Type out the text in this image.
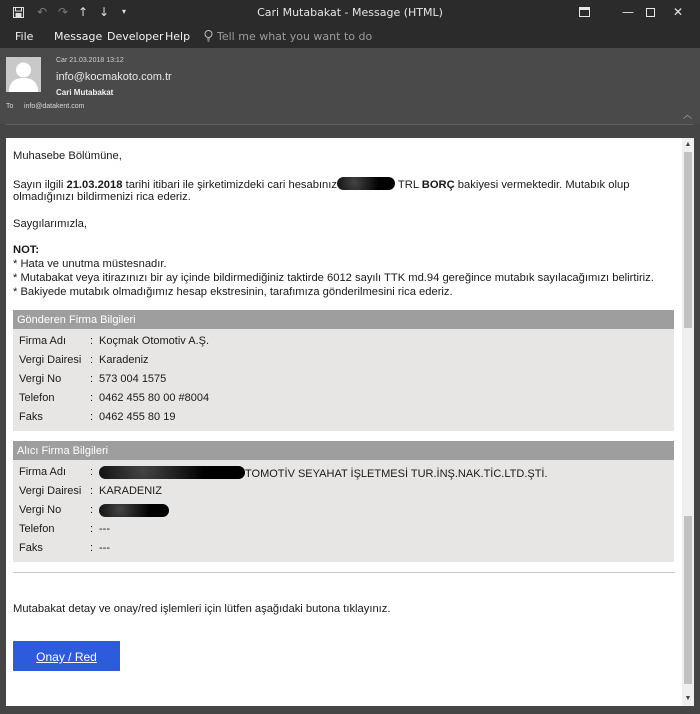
↶ ↷ ↑ ↓	▾	Cari Mutabakat - Message (HTML)	—	✕
File Message Developer Help	Tell me what you want to do
Car 21.03.2018 13:12
info@kocmakoto.com.tr
Cari Mutabakat
To info@datakent.com
︿
Muhasebe Bölümüne,
Sayın ilgili 21.03.2018 tarihi itibari ile şirketimizdeki cari hesabınız	TRL BORÇ bakiyesi vermektedir. Mutabık olup
olmadığınızı bildirmenizi rica ederiz.
Saygılarımızla,
NOT:
* Hata ve unutma müstesnadır.
* Mutabakat veya itirazınızı bir ay içinde bildirmediğiniz taktirde 6012 sayılı TTK md.94 gereğince mutabık sayılacağımızı belirtiriz.
* Bakiyede mutabık olmadığımız hesap ekstresinin, tarafımıza gönderilmesini rica ederiz.
Gönderen Firma Bilgileri
Firma Adı : Koçmak Otomotiv A.Ş.
Vergi Dairesi : Karadeniz
Vergi No	: 573 004 1575
Telefon	: 0462 455 80 00 #8004
Faks	: 0462 455 80 19
Alıcı Firma Bilgileri
Firma Adı :	TOMOTİV SEYAHAT İŞLETMESİ TUR.İNŞ.NAK.TİC.LTD.ŞTİ.
Vergi Dairesi : KARADENIZ
Vergi No	:
Telefon	: ---
Faks	: ---
Mutabakat detay ve onay/red işlemleri için lütfen aşağıdaki butona tıklayınız.
Onay / Red
▲
▼
